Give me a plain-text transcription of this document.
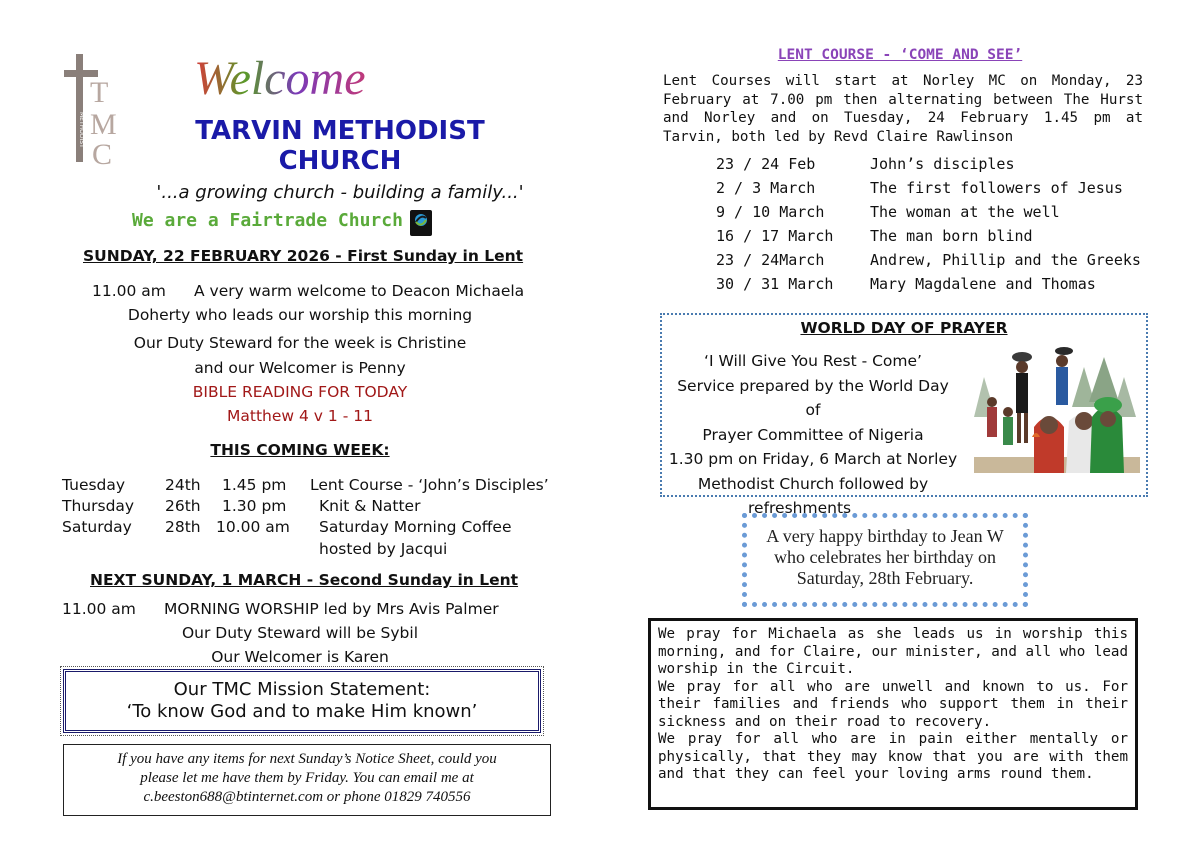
METHODIST
T
M
C
Welcome
TARVIN METHODIST
CHURCH
'...a growing church - building a family...'
We are a Fairtrade Church
SUNDAY, 22 FEBRUARY 2026 - First Sunday in Lent
11.00 am A very warm welcome to Deacon Michaela
Doherty who leads our worship this morning
Our Duty Steward for the week is Christine
and our Welcomer is Penny
BIBLE READING FOR TODAY
Matthew 4 v 1 - 11
THIS COMING WEEK:
Tuesday	24th 1.45 pm Lent Course - ‘John’s Disciples’
Thursday 26th 1.30 pm Knit & Natter
Saturday 28th 10.00 am Saturday Morning Coffee
hosted by Jacqui
NEXT SUNDAY, 1 MARCH - Second Sunday in Lent
11.00 am MORNING WORSHIP led by Mrs Avis Palmer
Our Duty Steward will be Sybil
Our Welcomer is Karen
Our TMC Mission Statement:
‘To know God and to make Him known’
If you have any items for next Sunday’s Notice Sheet, could you
please let me have them by Friday. You can email me at
c.beeston688@btinternet.com or phone 01829 740556
LENT COURSE - ‘COME AND SEE’
Lent Courses will start at Norley MC on Monday, 23 February at 7.00 pm then alternating between The Hurst and Norley and on Tuesday, 24 February 1.45 pm at Tarvin, both led by Revd Claire Rawlinson
23 / 24 Feb	John’s disciples
2 / 3 March	The first followers of Jesus
9 / 10 March	The woman at the well
16 / 17 March The man born blind
23 / 24March	Andrew, Phillip and the Greeks
30 / 31 March Mary Magdalene and Thomas
WORLD DAY OF PRAYER
‘I Will Give You Rest - Come’
Service prepared by the World Day of
Prayer Committee of Nigeria
1.30 pm on Friday, 6 March at Norley
Methodist Church followed by
refreshments
A very happy birthday to Jean W
who celebrates her birthday on
Saturday, 28th February.

We pray for Michaela as she leads us in worship this morning, and for Claire, our minister, and all who lead worship in the Circuit.

We pray for all who are unwell and known to us. For their families and friends who support them in their sickness and on their road to recovery.

We pray for all who are in pain either mentally or physically, that they may know that you are with them and that they can feel your loving arms round them.
